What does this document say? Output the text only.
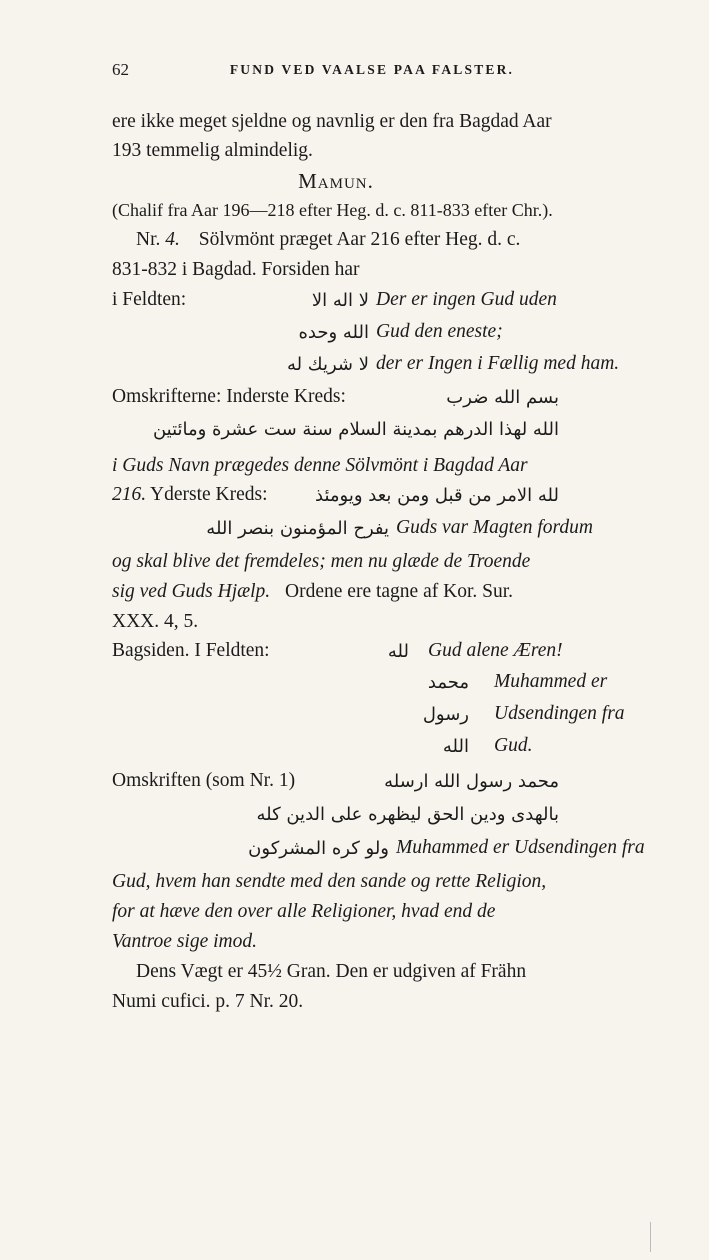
62	FUND VED VAALSE PAA FALSTER.
ere ikke meget sjeldne og navnlig er den fra Bagdad Aar
193 temmelig almindelig.
Mamun.
(Chalif fra Aar 196—218 efter Heg. d. c. 811-833 efter Chr.).
Nr. 4. Sölvmönt præget Aar 216 efter Heg. d. c.
831-832 i Bagdad. Forsiden har
i Feldten:	لا اله الا Der er ingen Gud uden
الله وحده Gud den eneste;
لا شريك له der er Ingen i Fællig med ham.
Omskrifterne: Inderste Kreds:	بسم الله ضرب
الله لهذا الدرهم بمدينة السلام سنة ست عشرة ومائتين
i Guds Navn prægedes denne Sölvmönt i Bagdad Aar
216. Yderste Kreds:	لله الامر من قبل ومن بعد ويومئذ
يفرح المؤمنون بنصر الله Guds var Magten fordum
og skal blive det fremdeles; men nu glæde de Troende
sig ved Guds Hjælp. Ordene ere tagne af Kor. Sur.
XXX. 4, 5.
Bagsiden. I Feldten:	لله Gud alene Æren!
محمد Muhammed er
رسول Udsendingen fra
الله Gud.
Omskriften (som Nr. 1)	محمد رسول الله ارسله
بالهدى ودين الحق ليظهره على الدين كله
ولو كره المشركون Muhammed er Udsendingen fra
Gud, hvem han sendte med den sande og rette Religion,
for at hæve den over alle Religioner, hvad end de
Vantroe sige imod.
Dens Vægt er 45½ Gran. Den er udgiven af Frähn
Numi cufici. p. 7 Nr. 20.
